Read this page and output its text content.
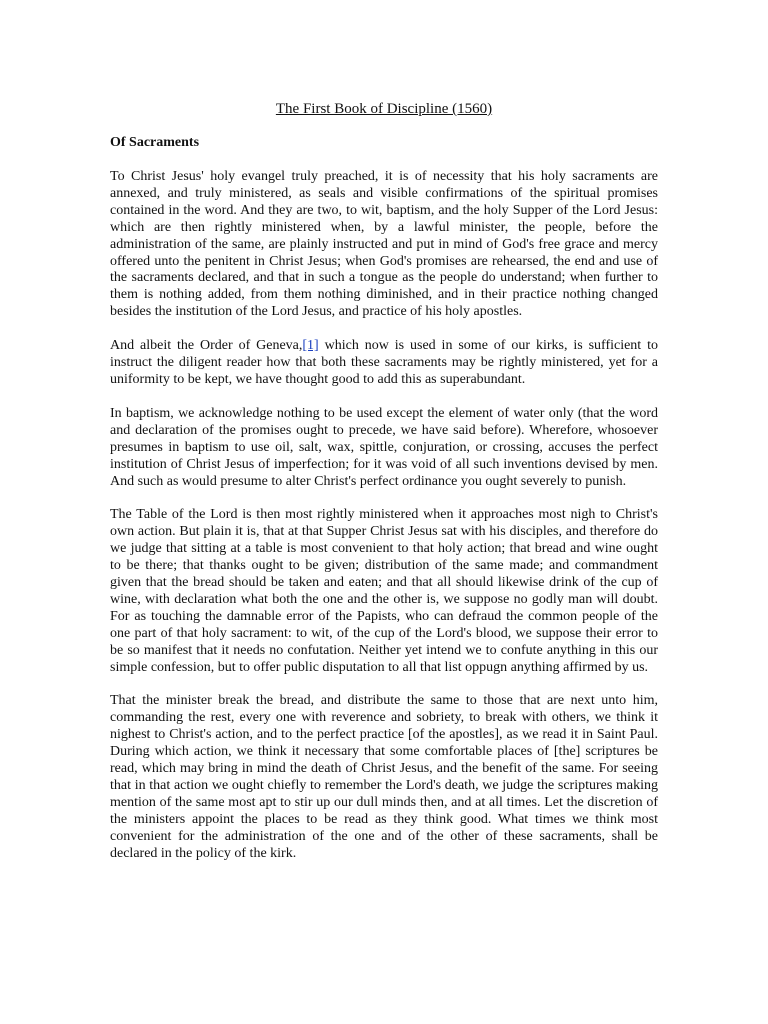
The First Book of Discipline (1560)
Of Sacraments

To Christ Jesus' holy evangel truly preached, it is of necessity that his holy sacraments are annexed, and truly ministered, as seals and visible confirmations of the spiritual promises contained in the word. And they are two, to wit, baptism, and the holy Supper of the Lord Jesus: which are then rightly ministered when, by a lawful minister, the people, before the administration of the same, are plainly instructed and put in mind of God's free grace and mercy offered unto the penitent in Christ Jesus; when God's promises are rehearsed, the end and use of the sacraments declared, and that in such a tongue as the people do understand; when further to them is nothing added, from them nothing diminished, and in their practice nothing changed besides the institution of the Lord Jesus, and practice of his holy apostles.

And albeit the Order of Geneva,[1] which now is used in some of our kirks, is sufficient to instruct the diligent reader how that both these sacraments may be rightly ministered, yet for a uniformity to be kept, we have thought good to add this as superabundant.

In baptism, we acknowledge nothing to be used except the element of water only (that the word and declaration of the promises ought to precede, we have said before). Wherefore, whosoever presumes in baptism to use oil, salt, wax, spittle, conjuration, or crossing, accuses the perfect institution of Christ Jesus of imperfection; for it was void of all such inventions devised by men. And such as would presume to alter Christ's perfect ordinance you ought severely to punish.

The Table of the Lord is then most rightly ministered when it approaches most nigh to Christ's own action. But plain it is, that at that Supper Christ Jesus sat with his disciples, and therefore do we judge that sitting at a table is most convenient to that holy action; that bread and wine ought to be there; that thanks ought to be given; distribution of the same made; and commandment given that the bread should be taken and eaten; and that all should likewise drink of the cup of wine, with declaration what both the one and the other is, we suppose no godly man will doubt. For as touching the damnable error of the Papists, who can defraud the common people of the one part of that holy sacrament: to wit, of the cup of the Lord's blood, we suppose their error to be so manifest that it needs no confutation. Neither yet intend we to confute anything in this our simple confession, but to offer public disputation to all that list oppugn anything affirmed by us.

That the minister break the bread, and distribute the same to those that are next unto him, commanding the rest, every one with reverence and sobriety, to break with others, we think it nighest to Christ's action, and to the perfect practice [of the apostles], as we read it in Saint Paul. During which action, we think it necessary that some comfortable places of [the] scriptures be read, which may bring in mind the death of Christ Jesus, and the benefit of the same. For seeing that in that action we ought chiefly to remember the Lord's death, we judge the scriptures making mention of the same most apt to stir up our dull minds then, and at all times. Let the discretion of the ministers appoint the places to be read as they think good. What times we think most convenient for the administration of the one and of the other of these sacraments, shall be declared in the policy of the kirk.
